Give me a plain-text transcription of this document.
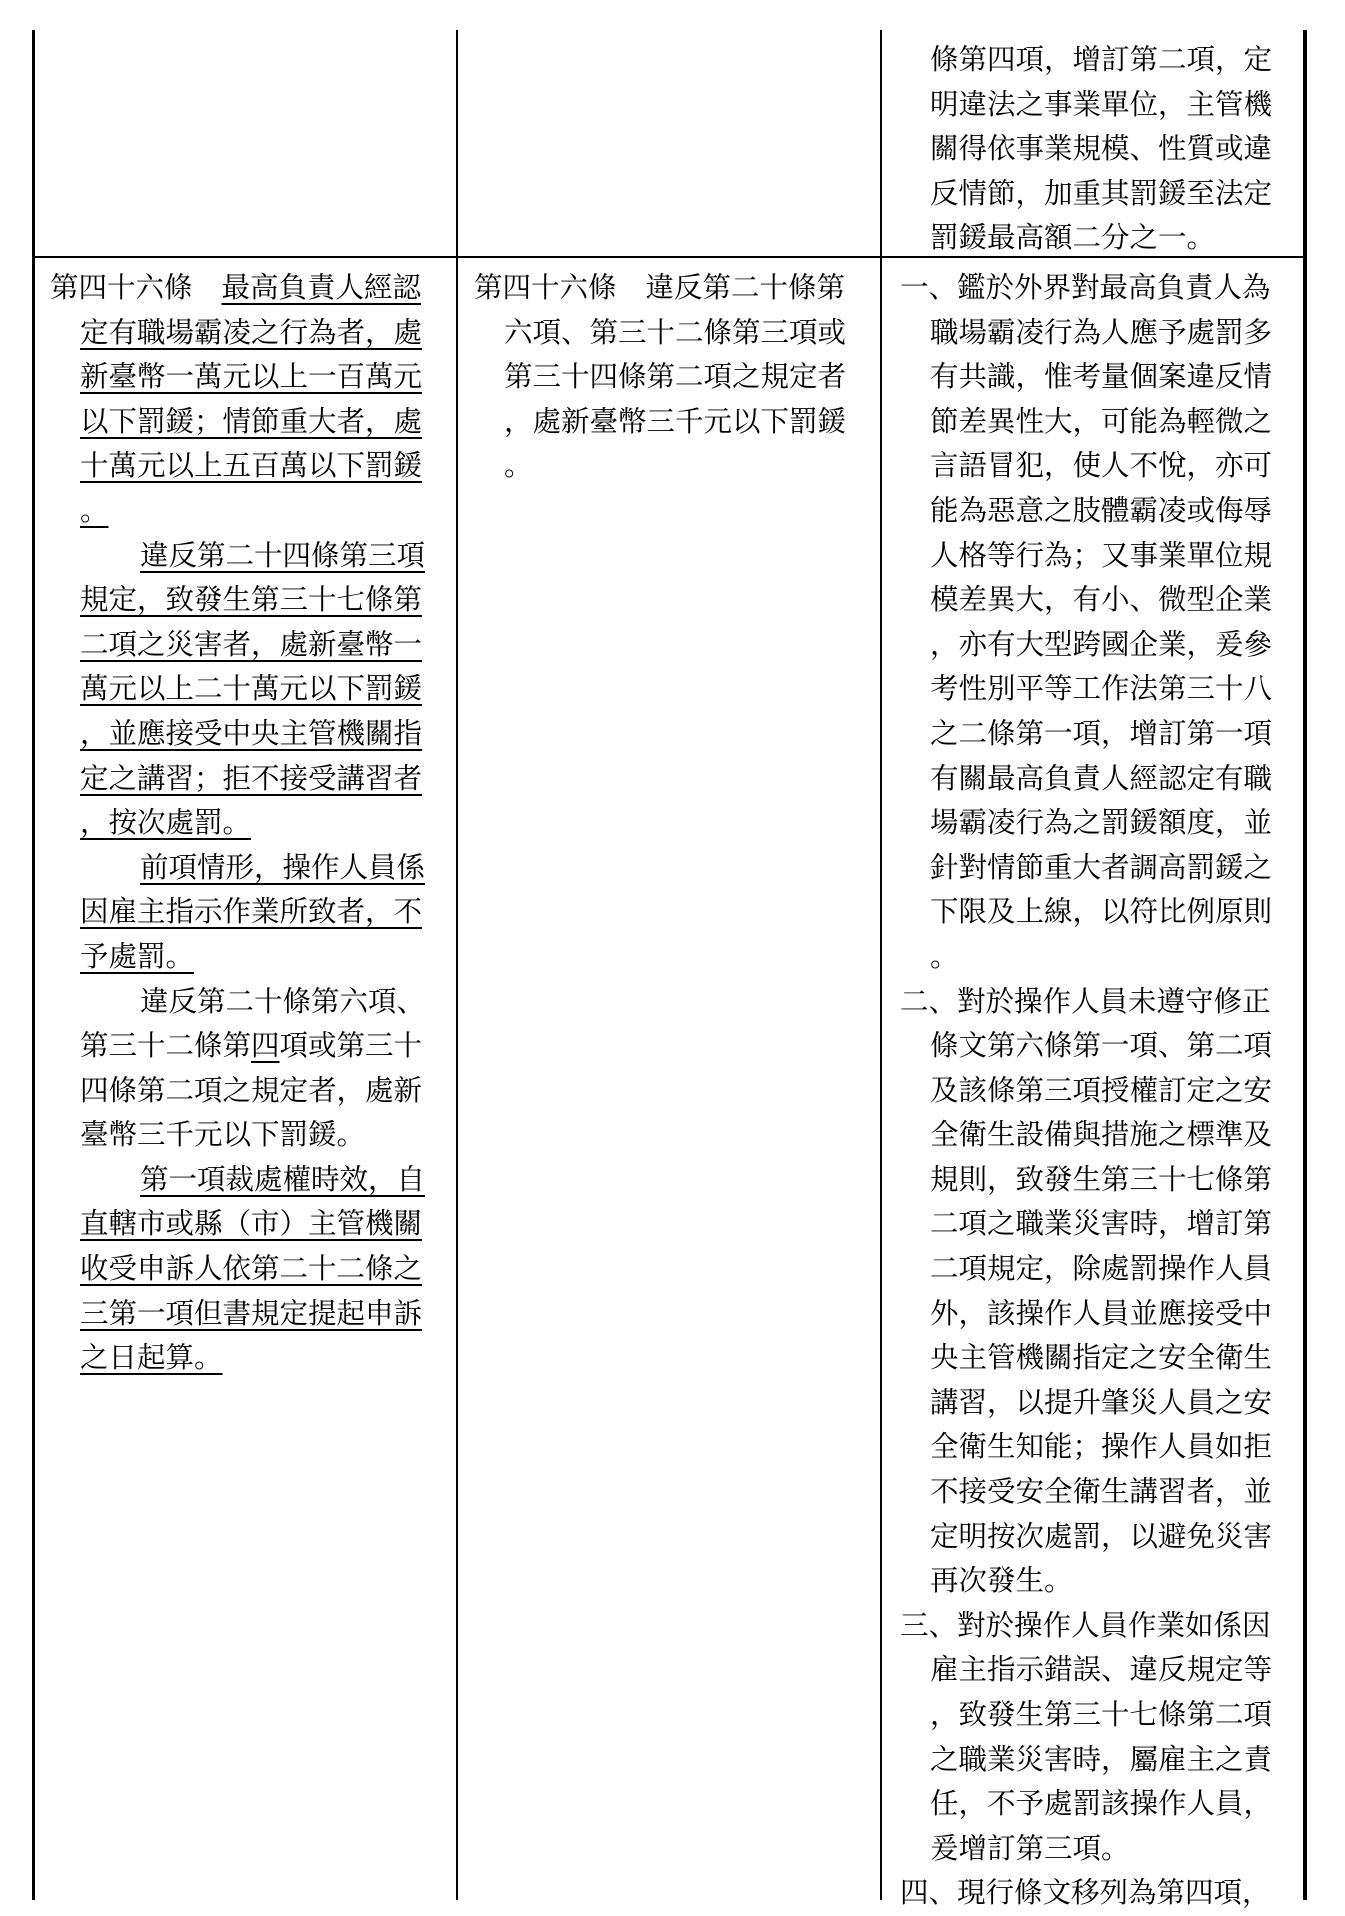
條第四項，增訂第二項，定
明違法之事業單位，主管機
關得依事業規模、性質或違
反情節，加重其罰鍰至法定
罰鍰最高額二分之一。
第四十六條 最高負責人經認
定有職場霸凌之行為者，處
新臺幣一萬元以上一百萬元
以下罰鍰；情節重大者，處
十萬元以上五百萬以下罰鍰
。
違反第二十四條第三項
規定，致發生第三十七條第
二項之災害者，處新臺幣一
萬元以上二十萬元以下罰鍰
，並應接受中央主管機關指
定之講習；拒不接受講習者
，按次處罰。
前項情形，操作人員係
因雇主指示作業所致者，不
予處罰。
違反第二十條第六項、
第三十二條第四項或第三十
四條第二項之規定者，處新
臺幣三千元以下罰鍰。
第一項裁處權時效，自
直轄市或縣（市）主管機關
收受申訴人依第二十二條之
三第一項但書規定提起申訴
之日起算。
第四十六條 違反第二十條第
六項、第三十二條第三項或
第三十四條第二項之規定者
，處新臺幣三千元以下罰鍰
。
一、鑑於外界對最高負責人為
職場霸凌行為人應予處罰多
有共識，惟考量個案違反情
節差異性大，可能為輕微之
言語冒犯，使人不悅，亦可
能為惡意之肢體霸凌或侮辱
人格等行為；又事業單位規
模差異大，有小、微型企業
，亦有大型跨國企業，爰參
考性別平等工作法第三十八
之二條第一項，增訂第一項
有關最高負責人經認定有職
場霸凌行為之罰鍰額度，並
針對情節重大者調高罰鍰之
下限及上線，以符比例原則
。
二、對於操作人員未遵守修正
條文第六條第一項、第二項
及該條第三項授權訂定之安
全衛生設備與措施之標準及
規則，致發生第三十七條第
二項之職業災害時，增訂第
二項規定，除處罰操作人員
外，該操作人員並應接受中
央主管機關指定之安全衛生
講習，以提升肇災人員之安
全衛生知能；操作人員如拒
不接受安全衛生講習者，並
定明按次處罰，以避免災害
再次發生。
三、對於操作人員作業如係因
雇主指示錯誤、違反規定等
，致發生第三十七條第二項
之職業災害時，屬雇主之責
任，不予處罰該操作人員，
爰增訂第三項。
四、現行條文移列為第四項，
